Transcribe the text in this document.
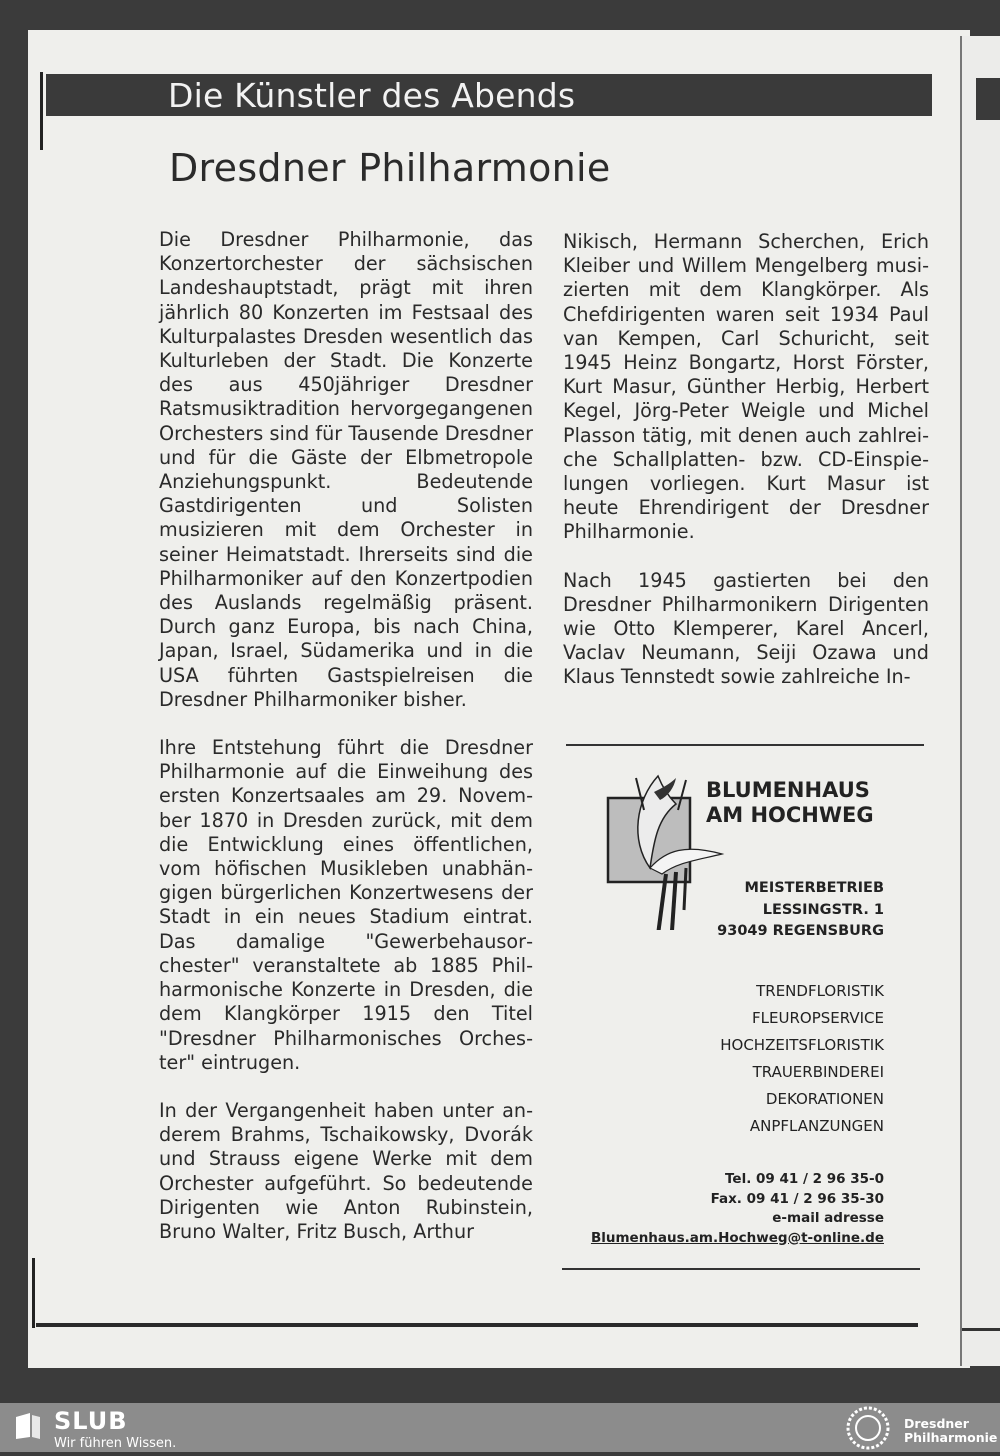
Die Künstler des Abends
Dresdner Philharmonie

Die Dresdner Philharmonie, das Konzertorchester der sächsischen Landeshauptstadt, prägt mit ihren jährlich 80 Konzerten im Festsaal des Kulturpalastes Dresden wesentlich das Kulturleben der Stadt. Die Konzerte des aus 450jähriger Dresdner Ratsmusiktradition hervorgegangenen Orchesters sind für Tausende Dresdner und für die Gäste der Elbmetropole Anziehungspunkt. Bedeutende Gastdirigenten und Solisten musizieren mit dem Orchester in seiner Heimatstadt. Ihrerseits sind die Philharmoniker auf den Konzertpodien des Auslands regelmäßig präsent. Durch ganz Europa, bis nach China, Japan, Israel, Südamerika und in die USA führten Gastspielreisen die Dresdner Philharmoniker bisher.

Ihre Entstehung führt die Dresdner Philharmonie auf die Einweihung des ersten Konzertsaales am 29. November 1870 in Dresden zurück, mit dem die Entwicklung eines öffentlichen, vom höfischen Musikleben unabhängigen bürgerlichen Konzertwesens der Stadt in ein neues Stadium eintrat. Das damalige "Gewerbehausorchester" veranstaltete ab 1885 Philharmonische Konzerte in Dresden, die dem Klangkörper 1915 den Titel "Dresdner Philharmonisches Orchester" eintrugen.

In der Vergangenheit haben unter anderem Brahms, Tschaikowsky, Dvorák und Strauss eigene Werke mit dem Orchester aufgeführt. So bedeutende Dirigenten wie Anton Rubinstein, Bruno Walter, Fritz Busch, Arthur

Nikisch, Hermann Scherchen, Erich Kleiber und Willem Mengelberg musizierten mit dem Klangkörper. Als Chefdirigenten waren seit 1934 Paul van Kempen, Carl Schuricht, seit 1945 Heinz Bongartz, Horst Förster, Kurt Masur, Günther Herbig, Herbert Kegel, Jörg-Peter Weigle und Michel Plasson tätig, mit denen auch zahlreiche Schallplatten- bzw. CD-Einspielungen vorliegen. Kurt Masur ist heute Ehrendirigent der Dresdner Philharmonie.

Nach 1945 gastierten bei den Dresdner Philharmonikern Dirigenten wie Otto Klemperer, Karel Ancerl, Vaclav Neumann, Seiji Ozawa und Klaus Tennstedt sowie zahlreiche In-

BLUMENHAUS
AM HOCHWEG
MEISTERBETRIEB
LESSINGSTR. 1
93049 REGENSBURG
TRENDFLORISTIK
FLEUROPSERVICE
HOCHZEITSFLORISTIK
TRAUERBINDEREI
DEKORATIONEN
ANPFLANZUNGEN
Tel. 09 41 / 2 96 35-0
Fax. 09 41 / 2 96 35-30
e-mail adresse
Blumenhaus.am.Hochweg@t-online.de
SLUB
Wir führen Wissen.
Dresdner
Philharmonie
